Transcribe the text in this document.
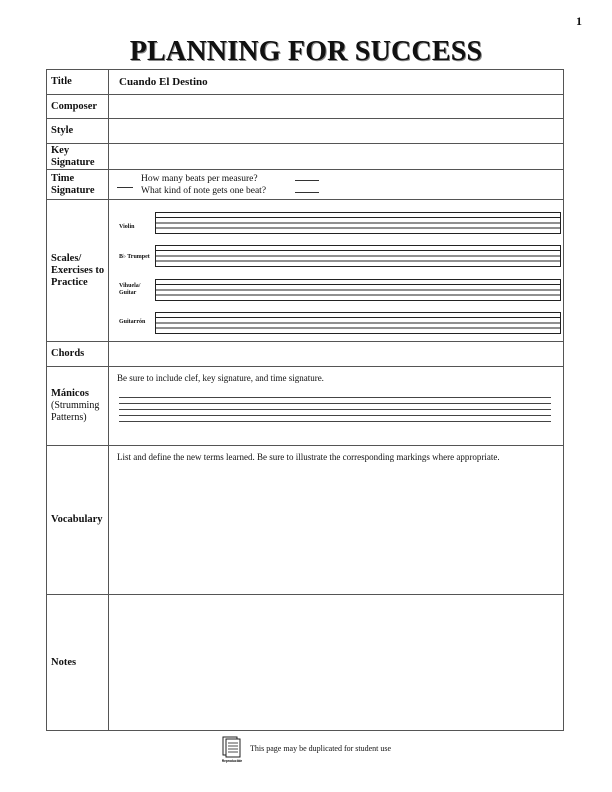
1
PLANNING FOR SUCCESS
Title	Cuando El Destino
Composer
Style
Key Signature
Time Signature
How many beats per measure?
What kind of note gets one beat?
Scales/ Exercises to Practice
Violin
B♭ Trumpet
Vihuela/ Guitar
Guitarrón
Chords
Mánicos
(Strumming Patterns)
Be sure to include clef, key signature, and time signature.
Vocabulary
List and define the new terms learned. Be sure to illustrate the corresponding markings where appropriate.
Notes
Reproducible
This page may be duplicated for student use
